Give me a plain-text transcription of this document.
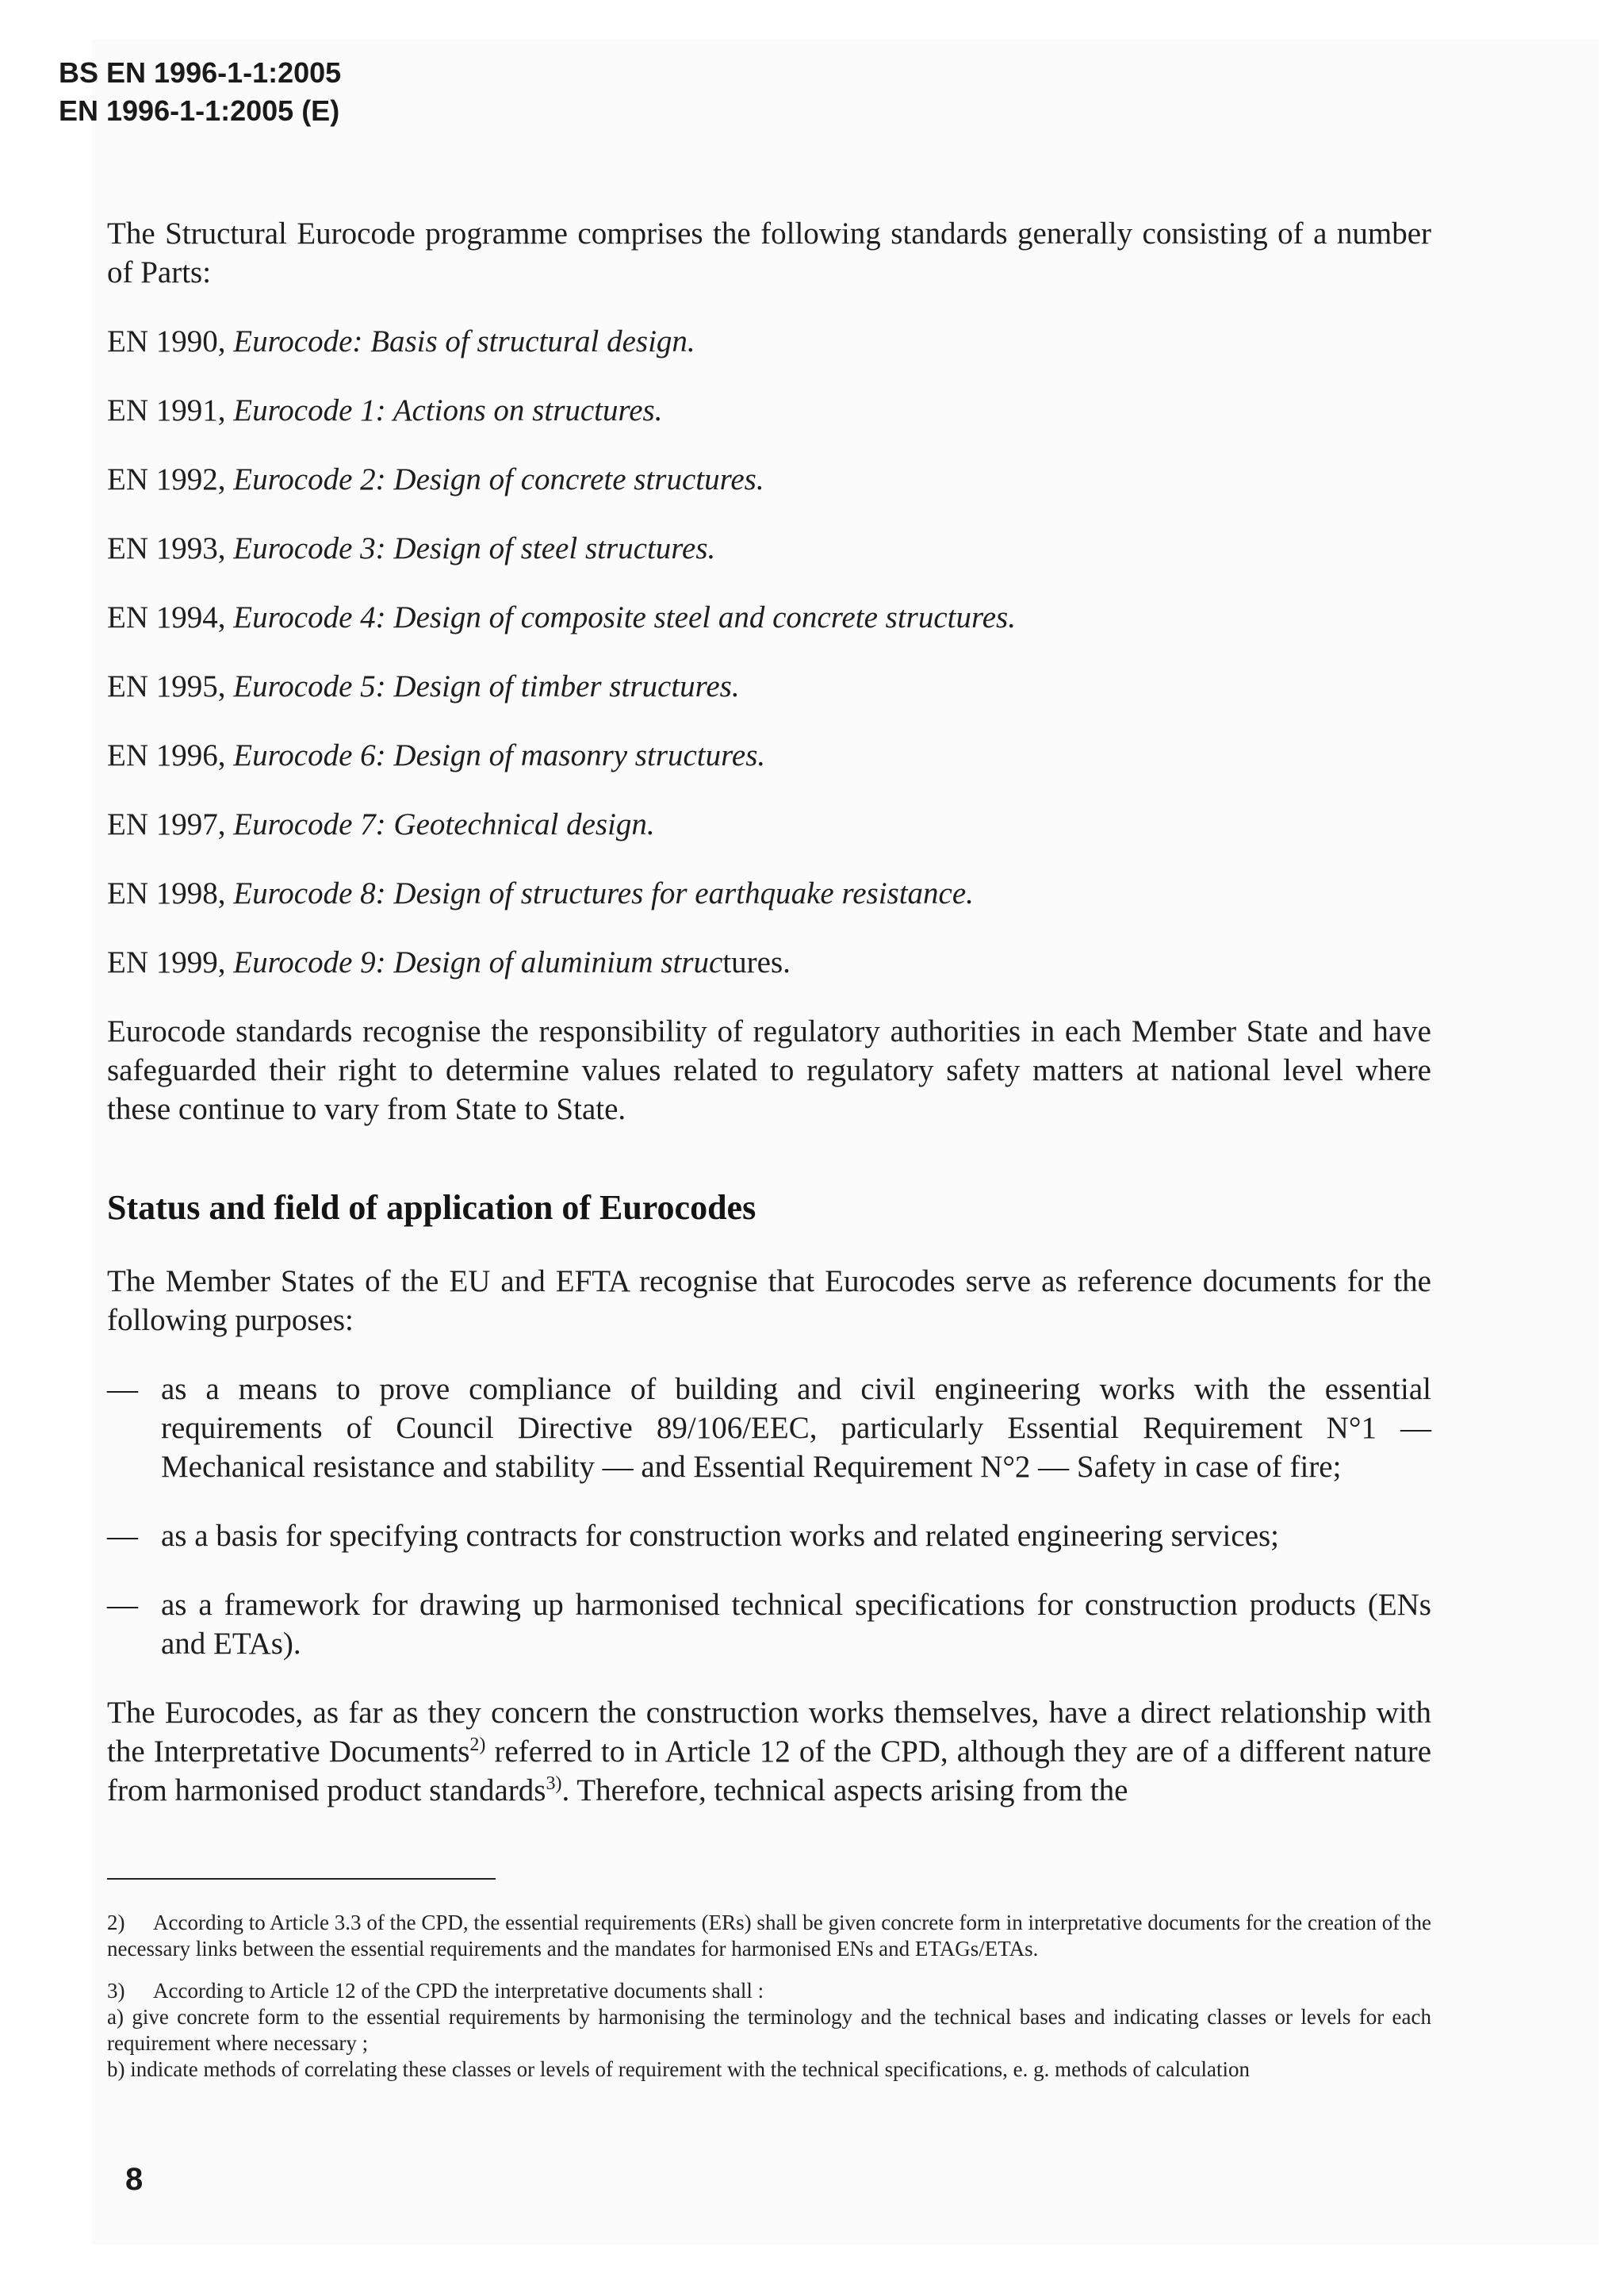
BS EN 1996-1-1:2005
EN 1996-1-1:2005 (E)

The Structural Eurocode programme comprises the following standards generally consisting of a number of Parts:

EN 1990, Eurocode: Basis of structural design.

EN 1991, Eurocode 1: Actions on structures.

EN 1992, Eurocode 2: Design of concrete structures.

EN 1993, Eurocode 3: Design of steel structures.

EN 1994, Eurocode 4: Design of composite steel and concrete structures.

EN 1995, Eurocode 5: Design of timber structures.

EN 1996, Eurocode 6: Design of masonry structures.

EN 1997, Eurocode 7: Geotechnical design.

EN 1998, Eurocode 8: Design of structures for earthquake resistance.

EN 1999, Eurocode 9: Design of aluminium structures.

Eurocode standards recognise the responsibility of regulatory authorities in each Member State and have safeguarded their right to determine values related to regulatory safety matters at national level where these continue to vary from State to State.

Status and field of application of Eurocodes

The Member States of the EU and EFTA recognise that Eurocodes serve as reference documents for the following purposes:

— as a means to prove compliance of building and civil engineering works with the essential requirements of Council Directive 89/106/EEC, particularly Essential Requirement N°1 — Mechanical resistance and stability — and Essential Requirement N°2 — Safety in case of fire;
— as a basis for specifying contracts for construction works and related engineering services;
— as a framework for drawing up harmonised technical specifications for construction products (ENs and ETAs).

The Eurocodes, as far as they concern the construction works themselves, have a direct relationship with the Interpretative Documents$^{2)}$ referred to in Article 12 of the CPD, although they are of a different nature from harmonised product standards$^{3)}$. Therefore, technical aspects arising from the

2) According to Article 3.3 of the CPD, the essential requirements (ERs) shall be given concrete form in interpretative documents for the creation of the necessary links between the essential requirements and the mandates for harmonised ENs and ETAGs/ETAs.

3) According to Article 12 of the CPD the interpretative documents shall :

a) give concrete form to the essential requirements by harmonising the terminology and the technical bases and indicating classes or levels for each requirement where necessary ;

b) indicate methods of correlating these classes or levels of requirement with the technical specifications, e. g. methods of calculation

8
